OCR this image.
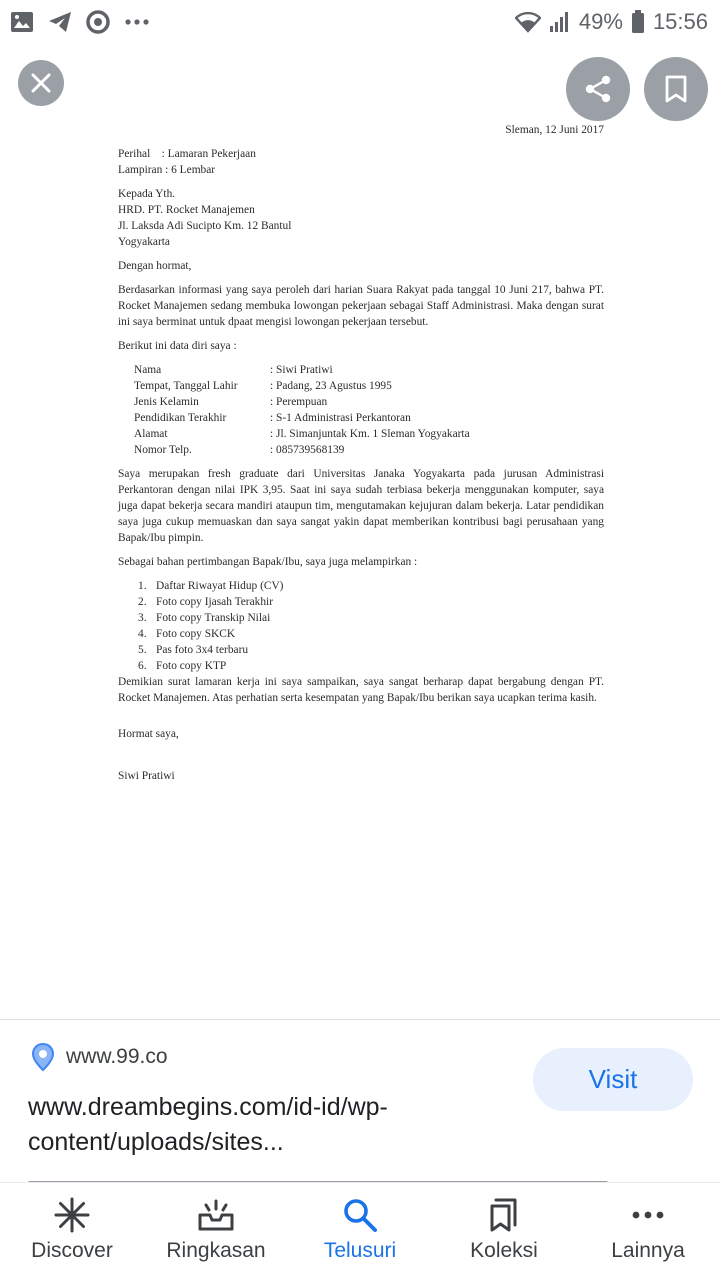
49% 15:56

Sleman, 12 Juni 2017

Perihal    : Lamaran Pekerjaan

Lampiran : 6 Lembar

Kepada Yth.

HRD. PT. Rocket Manajemen

Jl. Laksda Adi Sucipto Km. 12 Bantul

Yogyakarta

Dengan hormat,

Berdasarkan informasi yang saya peroleh dari harian Suara Rakyat pada tanggal 10 Juni 217, bahwa PT. Rocket Manajemen sedang membuka lowongan pekerjaan sebagai Staff Administrasi. Maka dengan surat ini saya berminat untuk dpaat mengisi lowongan pekerjaan tersebut.

Berikut ini data diri saya :

Nama	: Siwi Pratiwi
Tempat, Tanggal Lahir	: Padang, 23 Agustus 1995
Jenis Kelamin	: Perempuan
Pendidikan Terakhir	: S-1 Administrasi Perkantoran
Alamat	: Jl. Simanjuntak Km. 1 Sleman Yogyakarta
Nomor Telp.	: 085739568139

Saya merupakan fresh graduate dari Universitas Janaka Yogyakarta pada jurusan Administrasi Perkantoran dengan nilai IPK 3,95. Saat ini saya sudah terbiasa bekerja menggunakan komputer, saya juga dapat bekerja secara mandiri ataupun tim, mengutamakan kejujuran dalam bekerja. Latar pendidikan saya juga cukup memuaskan dan saya sangat yakin dapat memberikan kontribusi bagi perusahaan yang Bapak/Ibu pimpin.

Sebagai bahan pertimbangan Bapak/Ibu, saya juga melampirkan :

1. Daftar Riwayat Hidup (CV)
2. Foto copy Ijasah Terakhir
3. Foto copy Transkip Nilai
4. Foto copy SKCK
5. Pas foto 3x4 terbaru
6. Foto copy KTP

Demikian surat lamaran kerja ini saya sampaikan, saya sangat berharap dapat bergabung dengan PT. Rocket Manajemen. Atas perhatian serta kesempatan yang Bapak/Ibu berikan saya ucapkan terima kasih.

Hormat saya,

Siwi Pratiwi

www.99.co
www.dreambegins.com/id-id/wp-content/uploads/sites...
Visit
Discover	Ringkasan	Telusuri	Koleksi	Lainnya
